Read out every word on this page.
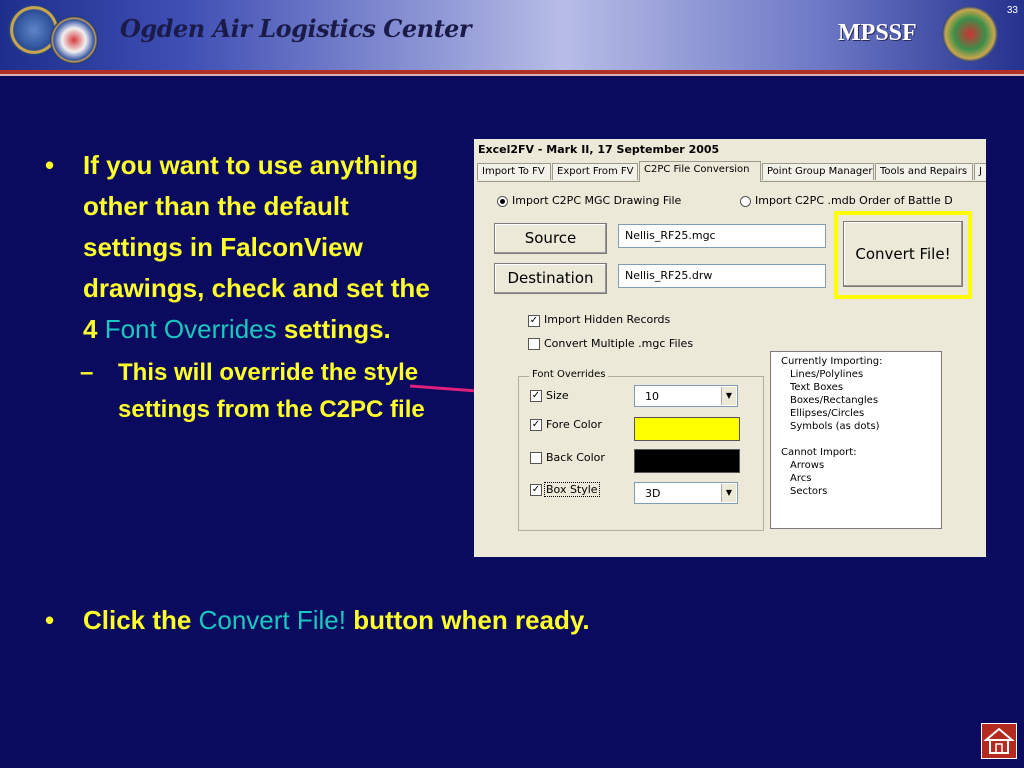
Ogden Air Logistics Center	MPSSF
33
• If you want to use anything other than the default settings in FalconView drawings, check and set the 4 Font Overrides settings.
– This will override the style settings from the C2PC file
• Click the Convert File! button when ready.
Excel2FV - Mark II, 17 September 2005
Import To FV	Export From FV	C2PC File Conversion	Point Group Manager Tools and Repairs	J
Import C2PC MGC Drawing File	Import C2PC .mdb Order of Battle D
Source	Nellis_RF25.mgc
Destination	Nellis_RF25.drw
Convert File!
✓ Import Hidden Records
Convert Multiple .mgc Files
Font Overrides
✓ Size	10	▼
✓ Fore Color
Back Color
✓ Box Style	3D	▼
Currently Importing:
Lines/Polylines
Text Boxes
Boxes/Rectangles
Ellipses/Circles
Symbols (as dots)
Cannot Import:
Arrows
Arcs
Sectors
